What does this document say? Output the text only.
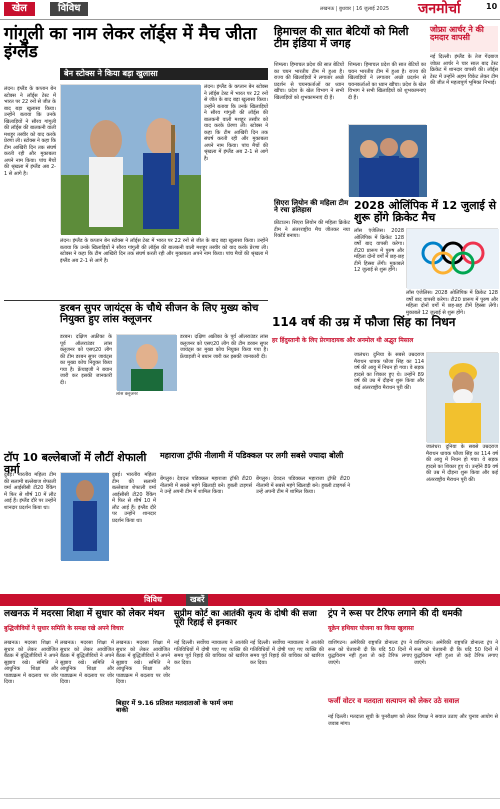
खेल	विविध	लखनऊ | बुधवार | 16 जुलाई 2025 जनमोर्चा	10
गांगुली का नाम लेकर लॉर्ड्स में मैच जीता इंग्लैंड
बेन स्टोक्स ने किया बड़ा खुलासा
लंदन। इंग्लैंड के कप्तान बेन स्टोक्स ने लॉर्ड्स टेस्ट में भारत पर 22 रनों से जीत के बाद बड़ा खुलासा किया। उन्होंने बताया कि उनके खिलाड़ियों ने सौरव गांगुली की लॉर्ड्स की बालकनी वाली मशहूर तस्वीर को याद करके प्रेरणा ली। स्टोक्स ने कहा कि टीम आखिरी दिन तक संघर्ष करती रही और मुकाबला अपने नाम किया। पांच मैचों की श्रृंखला में इंग्लैंड अब 2-1 से आगे है।
लंदन। इंग्लैंड के कप्तान बेन स्टोक्स ने लॉर्ड्स टेस्ट में भारत पर 22 रनों से जीत के बाद बड़ा खुलासा किया। उन्होंने बताया कि उनके खिलाड़ियों ने सौरव गांगुली की लॉर्ड्स की बालकनी वाली मशहूर तस्वीर को याद करके प्रेरणा ली। स्टोक्स ने कहा कि टीम आखिरी दिन तक संघर्ष करती रही और मुकाबला अपने नाम किया। पांच मैचों की श्रृंखला में इंग्लैंड अब 2-1 से आगे है।
लंदन। इंग्लैंड के कप्तान बेन स्टोक्स ने लॉर्ड्स टेस्ट में भारत पर 22 रनों से जीत के बाद बड़ा खुलासा किया। उन्होंने बताया कि उनके खिलाड़ियों ने सौरव गांगुली की लॉर्ड्स की बालकनी वाली मशहूर तस्वीर को याद करके प्रेरणा ली। स्टोक्स ने कहा कि टीम आखिरी दिन तक संघर्ष करती रही और मुकाबला अपने नाम किया। पांच मैचों की श्रृंखला में इंग्लैंड अब 2-1 से आगे है।
हिमाचल की सात बेटियों को मिली टीम इंडिया में जगह
शिमला। हिमाचल प्रदेश की सात बेटियों का चयन भारतीय टीम में हुआ है। राज्य की खिलाड़ियों ने लगातार अच्छे प्रदर्शन से चयनकर्ताओं का ध्यान खींचा। प्रदेश के खेल विभाग ने सभी खिलाड़ियों को शुभकामनाएं दी हैं।
शिमला। हिमाचल प्रदेश की सात बेटियों का चयन भारतीय टीम में हुआ है। राज्य की खिलाड़ियों ने लगातार अच्छे प्रदर्शन से चयनकर्ताओं का ध्यान खींचा। प्रदेश के खेल विभाग ने सभी खिलाड़ियों को शुभकामनाएं दी हैं।
जोफ्रा आर्चर ने की दमदार वापसी
नई दिल्ली। इंग्लैंड के तेज गेंदबाज जोफ्रा आर्चर ने चार साल बाद टेस्ट क्रिकेट में शानदार वापसी की। लॉर्ड्स टेस्ट में उन्होंने अहम विकेट लेकर टीम की जीत में महत्वपूर्ण भूमिका निभाई।
सिएरा लियोन की महिला टीम ने रचा इतिहास
फ्रीटाउन। सिएरा लियोन की महिला क्रिकेट टीम ने अंतरराष्ट्रीय मैच जीतकर नया रिकॉर्ड बनाया।
2028 ओलिंपिक में 12 जुलाई से शुरू होंगे क्रिकेट मैच
लॉस एंजेलिस। 2028 ओलिंपिक में क्रिकेट 128 वर्षों बाद वापसी करेगा। टी20 प्रारूप में पुरुष और महिला दोनों वर्गों में छह-छह टीमें हिस्सा लेंगी। मुकाबले 12 जुलाई से शुरू होंगे।
लॉस एंजेलिस। 2028 ओलिंपिक में क्रिकेट 128 वर्षों बाद वापसी करेगा। टी20 प्रारूप में पुरुष और महिला दोनों वर्गों में छह-छह टीमें हिस्सा लेंगी। मुकाबले 12 जुलाई से शुरू होंगे।
डरबन सुपर जायंट्स के चौथे सीजन के लिए मुख्य कोच नियुक्त हुए लांस क्लूजनर
डरबन। दक्षिण अफ्रीका के पूर्व ऑलराउंडर लांस क्लूजनर को एसए20 लीग की टीम डरबन सुपर जायंट्स का मुख्य कोच नियुक्त किया गया है। फ्रेंचाइजी ने बयान जारी कर इसकी जानकारी दी।
डरबन। दक्षिण अफ्रीका के पूर्व ऑलराउंडर लांस क्लूजनर को एसए20 लीग की टीम डरबन सुपर जायंट्स का मुख्य कोच नियुक्त किया गया है। फ्रेंचाइजी ने बयान जारी कर इसकी जानकारी दी।
लांस क्लूजनर
टॉप 10 बल्लेबाजों में लौटीं शेफाली वर्मा
दुबई। भारतीय महिला टीम की सलामी बल्लेबाज शेफाली वर्मा आईसीसी टी20 रैंकिंग में फिर से शीर्ष 10 में लौट आई हैं। इंग्लैंड दौरे पर उन्होंने शानदार प्रदर्शन किया था।
दुबई। भारतीय महिला टीम की सलामी बल्लेबाज शेफाली वर्मा आईसीसी टी20 रैंकिंग में फिर से शीर्ष 10 में लौट आई हैं। इंग्लैंड दौरे पर उन्होंने शानदार प्रदर्शन किया था।
महाराजा ट्रॉफी नीलामी में पडिक्कल पर लगी सबसे ज्यादा बोली
बेंगलुरु। देवदत्त पडिक्कल महाराजा ट्रॉफी टी20 नीलामी में सबसे महंगे खिलाड़ी बने। हुबली टाइगर्स ने उन्हें अपनी टीम में शामिल किया।
बेंगलुरु। देवदत्त पडिक्कल महाराजा ट्रॉफी टी20 नीलामी में सबसे महंगे खिलाड़ी बने। हुबली टाइगर्स ने उन्हें अपनी टीम में शामिल किया।
114 वर्ष की उम्र में फौजा सिंह का निधन
हर हिंदुस्तानी के लिए प्रेरणादायक और अनमोल थी अद्भुत मिसाल
जालंधर। दुनिया के सबसे उम्रदराज मैराथन धावक फौजा सिंह का 114 वर्ष की आयु में निधन हो गया। वे सड़क हादसे का शिकार हुए थे। उन्होंने 89 वर्ष की उम्र में दौड़ना शुरू किया और कई अंतरराष्ट्रीय मैराथन पूरी कीं।
जालंधर। दुनिया के सबसे उम्रदराज मैराथन धावक फौजा सिंह का 114 वर्ष की आयु में निधन हो गया। वे सड़क हादसे का शिकार हुए थे। उन्होंने 89 वर्ष की उम्र में दौड़ना शुरू किया और कई अंतरराष्ट्रीय मैराथन पूरी कीं।
विविध	खबरें
लखनऊ में मदरसा शिक्षा में सुधार को लेकर मंथन
बुद्धिजीवियों ने सुधार समिति के समक्ष रखे अपने विचार
लखनऊ। मदरसा शिक्षा में सुधार को लेकर आयोजित बैठक में बुद्धिजीवियों ने अपने सुझाव रखे। समिति ने आधुनिक शिक्षा और पाठ्यक्रम में बदलाव पर जोर दिया।
लखनऊ। मदरसा शिक्षा में सुधार को लेकर आयोजित बैठक में बुद्धिजीवियों ने अपने सुझाव रखे। समिति ने आधुनिक शिक्षा और पाठ्यक्रम में बदलाव पर जोर दिया।
लखनऊ। मदरसा शिक्षा में सुधार को लेकर आयोजित बैठक में बुद्धिजीवियों ने अपने सुझाव रखे। समिति ने आधुनिक शिक्षा और पाठ्यक्रम में बदलाव पर जोर दिया।
बिहार में 9.16 प्रतिशत मतदाताओं के फार्म जमा बाकी
सुप्रीम कोर्ट का आतंकी कृत्य के दोषी की सजा पूरी रिहाई से इनकार
नई दिल्ली। सर्वोच्च न्यायालय ने आतंकी गतिविधियों में दोषी पाए गए व्यक्ति की समय पूर्व रिहाई की याचिका को खारिज कर दिया।
नई दिल्ली। सर्वोच्च न्यायालय ने आतंकी गतिविधियों में दोषी पाए गए व्यक्ति की समय पूर्व रिहाई की याचिका को खारिज कर दिया।
ट्रंप ने रूस पर टैरिफ लगाने की दी धमकी
यूक्रेन हथियार योजना का किया खुलासा
वाशिंगटन। अमेरिकी राष्ट्रपति डोनाल्ड ट्रंप ने रूस को चेतावनी दी कि यदि 50 दिनों में युद्धविराम नहीं हुआ तो कड़े टैरिफ लगाए जाएंगे।
वाशिंगटन। अमेरिकी राष्ट्रपति डोनाल्ड ट्रंप ने रूस को चेतावनी दी कि यदि 50 दिनों में युद्धविराम नहीं हुआ तो कड़े टैरिफ लगाए जाएंगे।
फर्जी वोटर व मतदाता सत्यापन को लेकर उठे सवाल
नई दिल्ली। मतदाता सूची के पुनरीक्षण को लेकर विपक्ष ने सवाल उठाए और चुनाव आयोग से जवाब मांगा।
